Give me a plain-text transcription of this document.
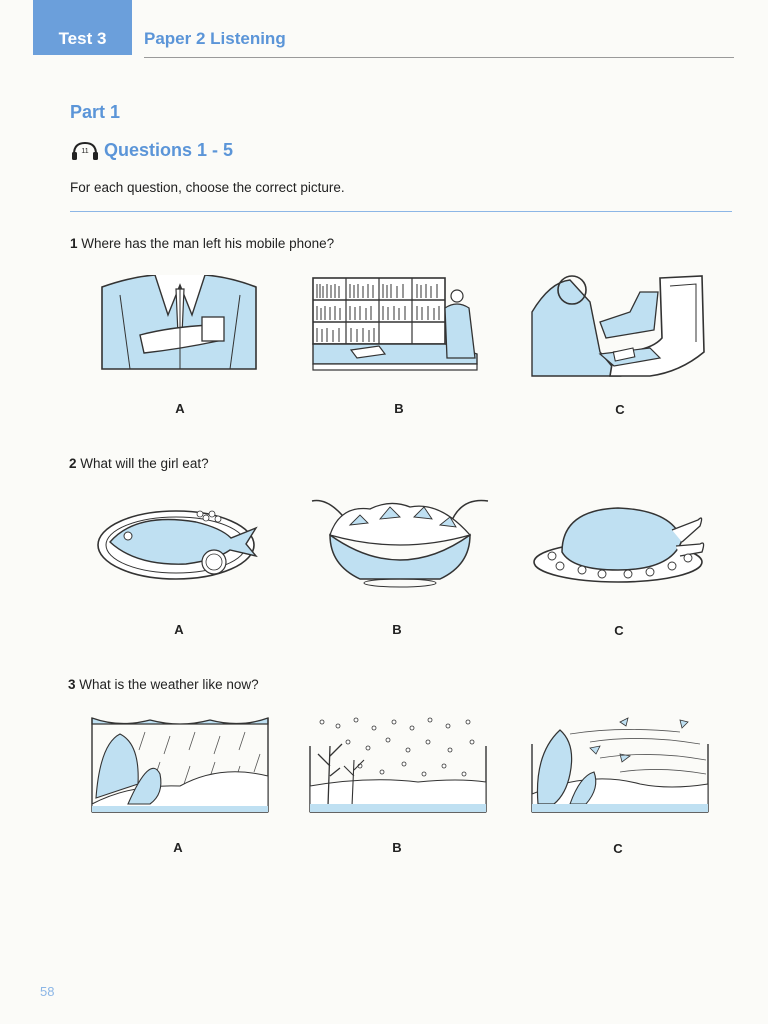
Test 3 Paper 2 Listening
Part 1
11 Questions 1 - 5
For each question, choose the correct picture.
1 Where has the man left his mobile phone?
A	B	C
2 What will the girl eat?
A	B	C
3 What is the weather like now?
A	B	C
58
